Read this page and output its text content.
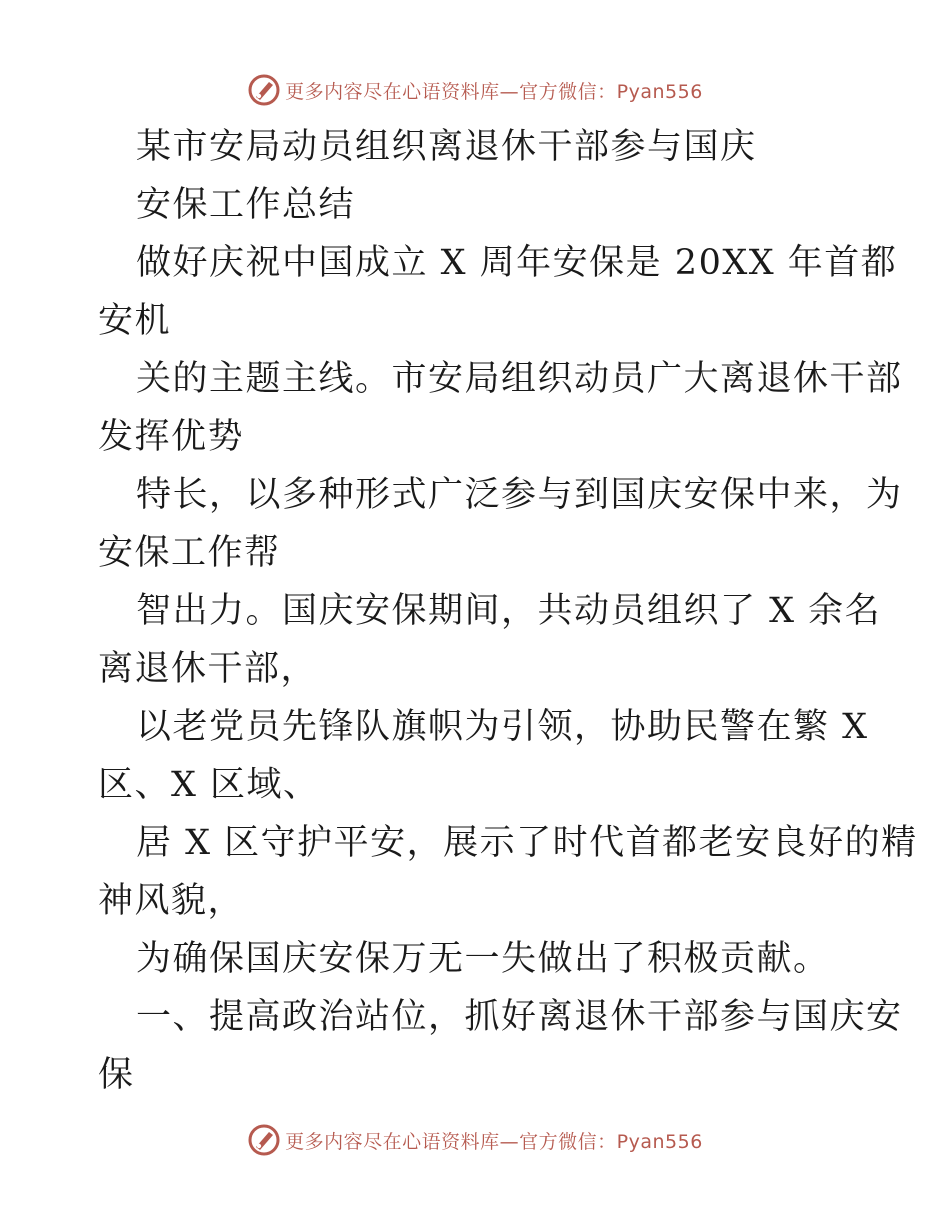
更多内容尽在心语资料库—官方微信：Pyan556
某市安局动员组织离退休干部参与国庆
安保工作总结
做好庆祝中国成立 X 周年安保是 20XX 年首都
安机
关的主题主线。市安局组织动员广大离退休干部
发挥优势
特长，以多种形式广泛参与到国庆安保中来，为
安保工作帮
智出力。国庆安保期间，共动员组织了 X 余名
离退休干部，
以老党员先锋队旗帜为引领，协助民警在繁 X
区、X 区域、
居 X 区守护平安，展示了时代首都老安良好的精
神风貌，
为确保国庆安保万无一失做出了积极贡献。
一、提高政治站位，抓好离退休干部参与国庆安
保
更多内容尽在心语资料库—官方微信：Pyan556
